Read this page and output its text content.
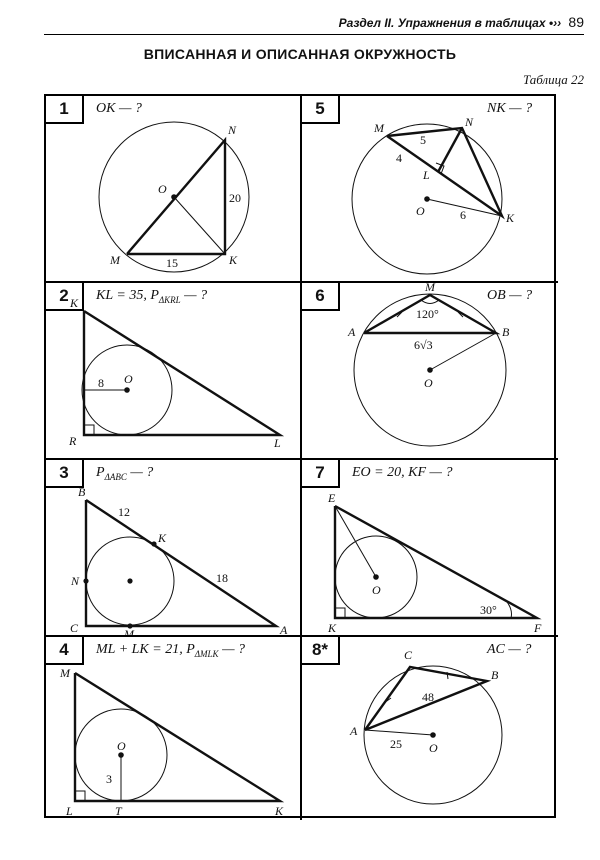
Раздел II. Упражнения в таблицах •›› 89
ВПИСАННАЯ И ОПИСАННАЯ ОКРУЖНОСТЬ
Таблица 22
1	OK — ?
N
O
20
M	15	K
5	NK — ?
M	N
5
4
L
O	6	K
2	KL = 35, $P_{\Delta KRL}$ — ?
K
8 O
R	L
6	OB — ?
M
120°
A	B
6√3
O
3	$P_{\Delta ABC}$ — ?
B
12
K
18
N
C	M	A
7	EO = 20, KF — ?
E
O
30°
K	F
4	ML + LK = 21, $P_{\Delta MLK}$ — ?
M
O
3
L	T	K
8*	AC — ?
C
B
48
A
25 O
